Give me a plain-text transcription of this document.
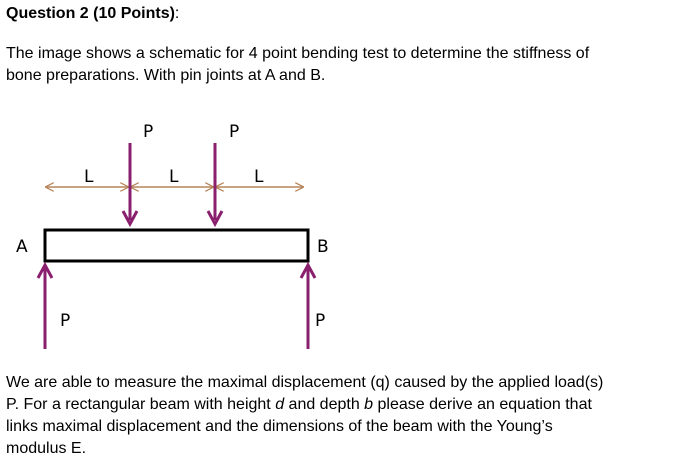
Question 2 (10 Points):

The image shows a schematic for 4 point bending test to determine the stiffness of

bone preparations. With pin joints at A and B.

P	P
L	L	L
A	B
P	P

We are able to measure the maximal displacement (q) caused by the applied load(s)

P. For a rectangular beam with height d and depth b please derive an equation that

links maximal displacement and the dimensions of the beam with the Young’s

modulus E.
